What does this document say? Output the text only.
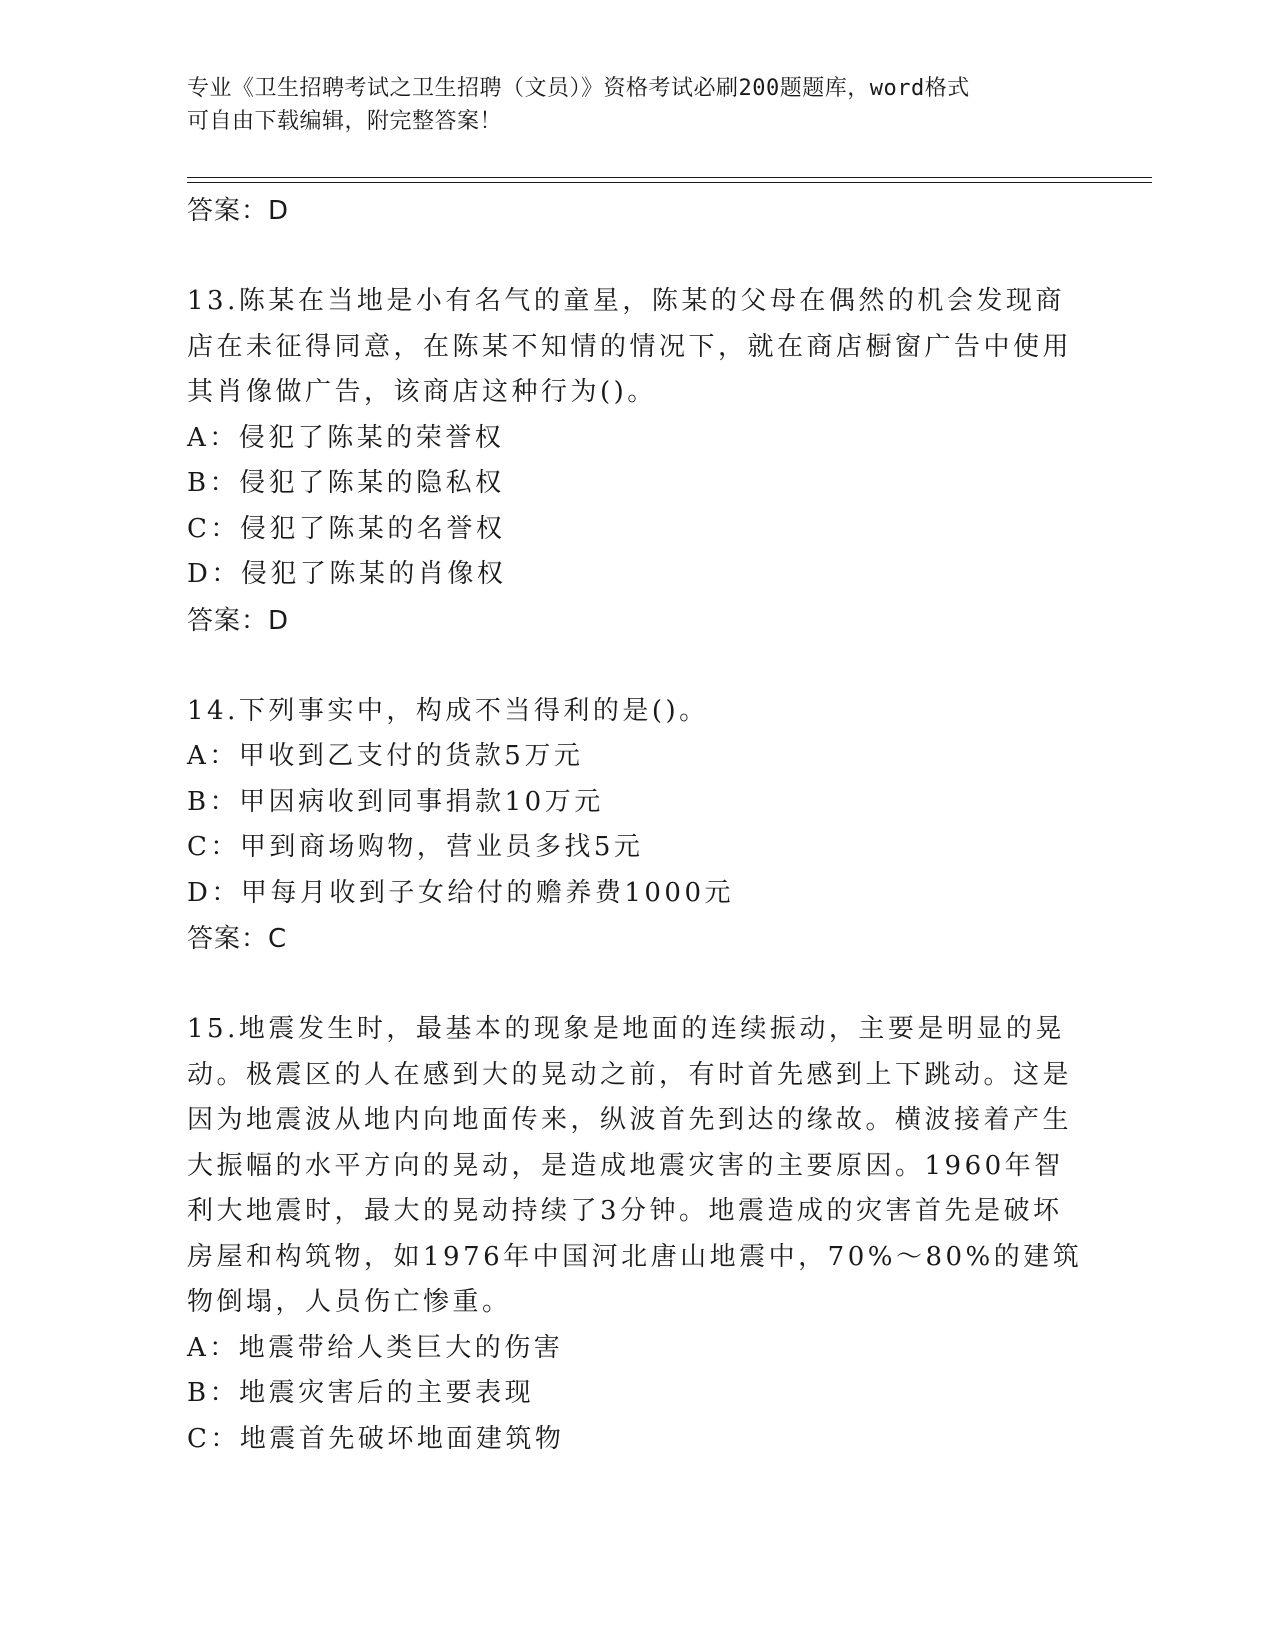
专业《卫生招聘考试之卫生招聘（文员）》资格考试必刷200题题库，word格式
可自由下载编辑，附完整答案！
答案：D
13.陈某在当地是小有名气的童星，陈某的父母在偶然的机会发现商店在未征得同意，在陈某不知情的情况下，就在商店橱窗广告中使用其肖像做广告，该商店这种行为()。
A：侵犯了陈某的荣誉权
B：侵犯了陈某的隐私权
C：侵犯了陈某的名誉权
D：侵犯了陈某的肖像权
答案：D
14.下列事实中，构成不当得利的是()。
A：甲收到乙支付的货款5万元
B：甲因病收到同事捐款10万元
C：甲到商场购物，营业员多找5元
D：甲每月收到子女给付的赡养费1000元
答案：C
15.地震发生时，最基本的现象是地面的连续振动，主要是明显的晃动。极震区的人在感到大的晃动之前，有时首先感到上下跳动。这是因为地震波从地内向地面传来，纵波首先到达的缘故。横波接着产生大振幅的水平方向的晃动，是造成地震灾害的主要原因。1960年智利大地震时，最大的晃动持续了3分钟。地震造成的灾害首先是破坏房屋和构筑物，如1976年中国河北唐山地震中，70%～80%的建筑物倒塌，人员伤亡惨重。
A：地震带给人类巨大的伤害
B：地震灾害后的主要表现
C：地震首先破坏地面建筑物
